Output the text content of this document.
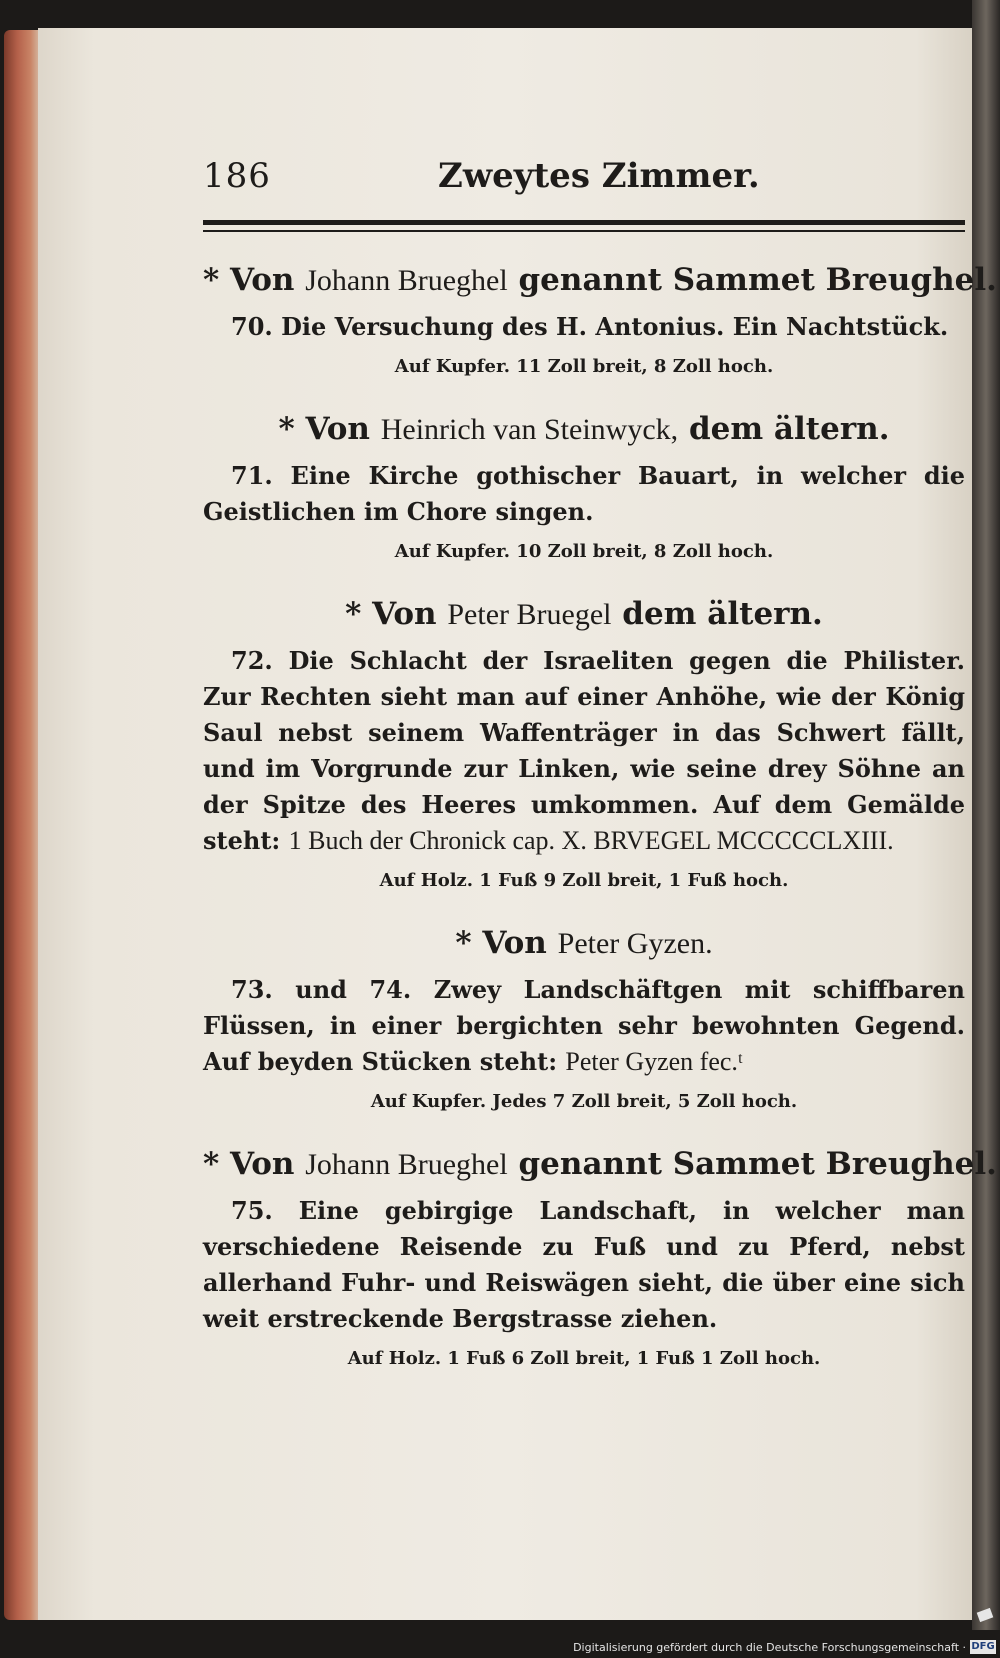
186	Zweytes Zimmer.
* Von Johann Brueghel genannt Sammet Breughel.
70. Die Versuchung des H. Antonius. Ein Nachtstück.
Auf Kupfer. 11 Zoll breit, 8 Zoll hoch.
* Von Heinrich van Steinwyck, dem ältern.
71. Eine Kirche gothischer Bauart, in welcher die Geistlichen im Chore singen.
Auf Kupfer. 10 Zoll breit, 8 Zoll hoch.
* Von Peter Bruegel dem ältern.
72. Die Schlacht der Israeliten gegen die Philister. Zur Rechten sieht man auf einer Anhöhe, wie der König Saul nebst seinem Waffenträger in das Schwert fällt, und im Vorgrunde zur Linken, wie seine drey Söhne an der Spitze des Heeres umkommen. Auf dem Gemälde steht: 1 Buch der Chronick cap. X. BRVEGEL MCCCCCLXIII.
Auf Holz. 1 Fuß 9 Zoll breit, 1 Fuß hoch.
* Von Peter Gyzen.
73. und 74. Zwey Landschäftgen mit schiffbaren Flüssen, in einer bergichten sehr bewohnten Gegend. Auf beyden Stücken steht: Peter Gyzen fec.ᵗ
Auf Kupfer. Jedes 7 Zoll breit, 5 Zoll hoch.
* Von Johann Brueghel genannt Sammet Breughel.
75. Eine gebirgige Landschaft, in welcher man verschiedene Reisende zu Fuß und zu Pferd, nebst allerhand Fuhr- und Reiswägen sieht, die über eine sich weit erstreckende Bergstrasse ziehen.
Auf Holz. 1 Fuß 6 Zoll breit, 1 Fuß 1 Zoll hoch.
Digitalisierung gefördert durch die Deutsche Forschungsgemeinschaft · DFG
